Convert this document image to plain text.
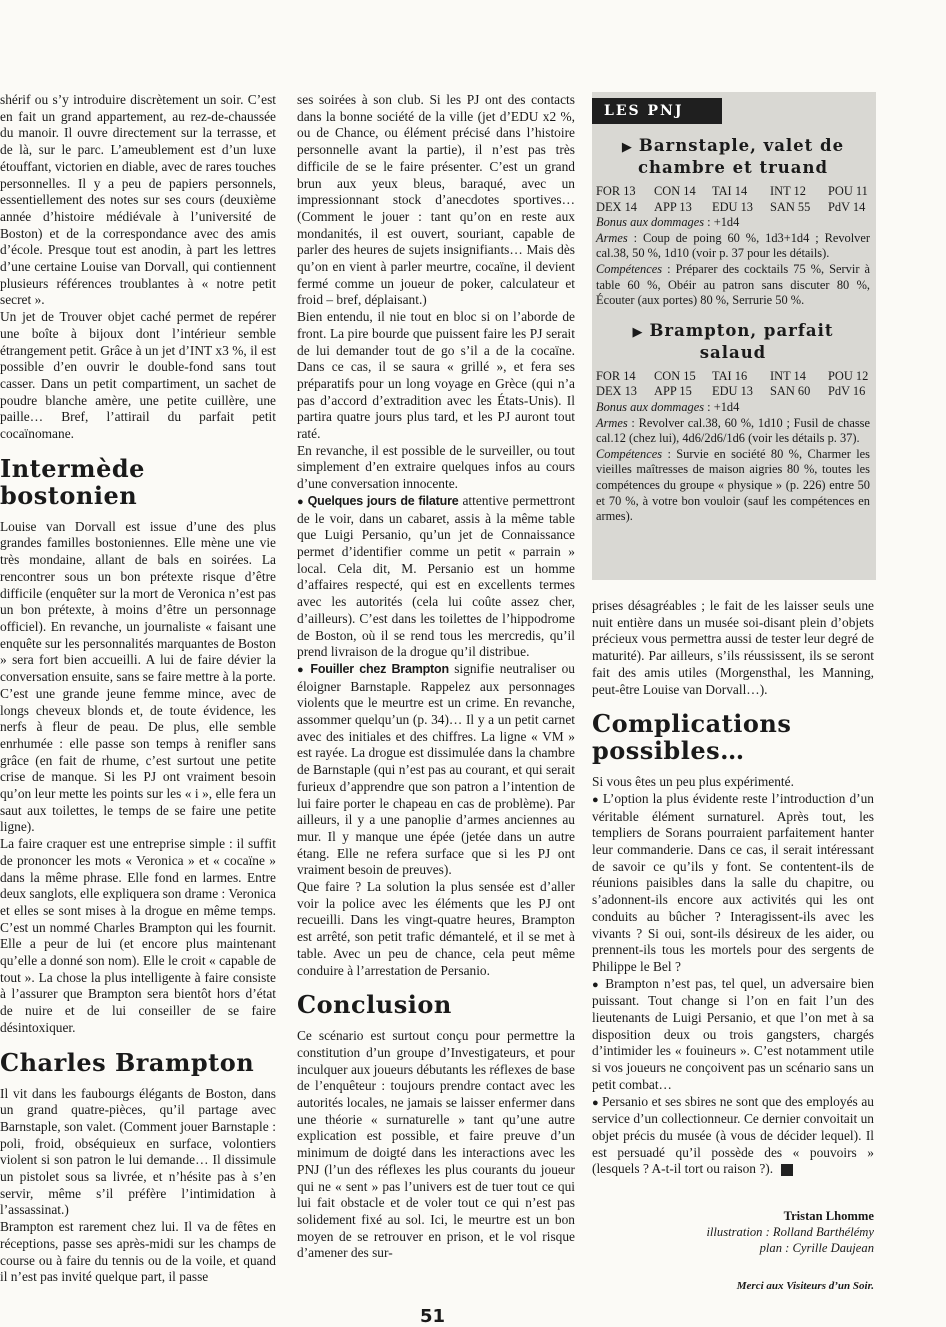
shérif ou s’y introduire discrètement un soir. C’est en fait un grand appartement, au rez-de-chaussée du manoir. Il ouvre directement sur la terrasse, et de là, sur le parc. L’ameublement est d’un luxe étouffant, victorien en diable, avec de rares touches personnelles. Il y a peu de papiers personnels, essentiellement des notes sur ses cours (deuxième année d’histoire médiévale à l’université de Boston) et de la correspondance avec des amis d’école. Presque tout est anodin, à part les lettres d’une certaine Louise van Dorvall, qui contiennent plusieurs références troublantes à « notre petit secret ».

Un jet de Trouver objet caché permet de repérer une boîte à bijoux dont l’intérieur semble étrangement petit. Grâce à un jet d’INT x3 %, il est possible d’en ouvrir le double-fond sans tout casser. Dans un petit compartiment, un sachet de poudre blanche amère, une petite cuillère, une paille… Bref, l’attirail du parfait petit cocaïnomane.

Intermède bostonien

Louise van Dorvall est issue d’une des plus grandes familles bostoniennes. Elle mène une vie très mondaine, allant de bals en soirées. La rencontrer sous un bon prétexte risque d’être difficile (enquêter sur la mort de Veronica n’est pas un bon prétexte, à moins d’être un personnage officiel). En revanche, un journaliste « faisant une enquête sur les personnalités marquantes de Boston » sera fort bien accueilli. A lui de faire dévier la conversation ensuite, sans se faire mettre à la porte.

C’est une grande jeune femme mince, avec de longs cheveux blonds et, de toute évidence, les nerfs à fleur de peau. De plus, elle semble enrhumée : elle passe son temps à renifler sans grâce (en fait de rhume, c’est surtout une petite crise de manque. Si les PJ ont vraiment besoin qu’on leur mette les points sur les « i », elle fera un saut aux toilettes, le temps de se faire une petite ligne).

La faire craquer est une entreprise simple : il suffit de prononcer les mots « Veronica » et « cocaïne » dans la même phrase. Elle fond en larmes. Entre deux sanglots, elle expliquera son drame : Veronica et elles se sont mises à la drogue en même temps. C’est un nommé Charles Brampton qui les fournit. Elle a peur de lui (et encore plus maintenant qu’elle a donné son nom). Elle le croit « capable de tout ». La chose la plus intelligente à faire consiste à l’assurer que Brampton sera bientôt hors d’état de nuire et de lui conseiller de se faire désintoxiquer.

Charles Brampton

Il vit dans les faubourgs élégants de Boston, dans un grand quatre-pièces, qu’il partage avec Barnstaple, son valet. (Comment jouer Barnstaple : poli, froid, obséquieux en surface, volontiers violent si son patron le lui demande… Il dissimule un pistolet sous sa livrée, et n’hésite pas à s’en servir, même s’il préfère l’intimidation à l’assassinat.)

Brampton est rarement chez lui. Il va de fêtes en réceptions, passe ses après-midi sur les champs de course ou à faire du tennis ou de la voile, et quand il n’est pas invité quelque part, il passe

ses soirées à son club. Si les PJ ont des contacts dans la bonne société de la ville (jet d’EDU x2 %, ou de Chance, ou élément précisé dans l’histoire personnelle avant la partie), il n’est pas très difficile de se le faire présenter. C’est un grand brun aux yeux bleus, baraqué, avec un impressionnant stock d’anecdotes sportives… (Comment le jouer : tant qu’on en reste aux mondanités, il est ouvert, souriant, capable de parler des heures de sujets insignifiants… Mais dès qu’on en vient à parler meurtre, cocaïne, il devient fermé comme un joueur de poker, calculateur et froid – bref, déplaisant.)

Bien entendu, il nie tout en bloc si on l’aborde de front. La pire bourde que puissent faire les PJ serait de lui demander tout de go s’il a de la cocaïne. Dans ce cas, il se saura « grillé », et fera ses préparatifs pour un long voyage en Grèce (qui n’a pas d’accord d’extradition avec les États-Unis). Il partira quatre jours plus tard, et les PJ auront tout raté.

En revanche, il est possible de le surveiller, ou tout simplement d’en extraire quelques infos au cours d’une conversation innocente.

● Quelques jours de filature attentive permettront de le voir, dans un cabaret, assis à la même table que Luigi Persanio, qu’un jet de Connaissance permet d’identifier comme un petit « parrain » local. Cela dit, M. Persanio est un homme d’affaires respecté, qui est en excellents termes avec les autorités (cela lui coûte assez cher, d’ailleurs). C’est dans les toilettes de l’hippodrome de Boston, où il se rend tous les mercredis, qu’il prend livraison de la drogue qu’il distribue.

● Fouiller chez Brampton signifie neutraliser ou éloigner Barnstaple. Rappelez aux personnages violents que le meurtre est un crime. En revanche, assommer quelqu’un (p. 34)… Il y a un petit carnet avec des initiales et des chiffres. La ligne « VM » est rayée. La drogue est dissimulée dans la chambre de Barnstaple (qui n’est pas au courant, et qui serait furieux d’apprendre que son patron a l’intention de lui faire porter le chapeau en cas de problème). Par ailleurs, il y a une panoplie d’armes anciennes au mur. Il y manque une épée (jetée dans un autre étang. Elle ne refera surface que si les PJ ont vraiment besoin de preuves).

Que faire ? La solution la plus sensée est d’aller voir la police avec les éléments que les PJ ont recueilli. Dans les vingt-quatre heures, Brampton est arrêté, son petit trafic démantelé, et il se met à table. Avec un peu de chance, cela peut même conduire à l’arrestation de Persanio.

Conclusion

Ce scénario est surtout conçu pour permettre la constitution d’un groupe d’Investigateurs, et pour inculquer aux joueurs débutants les réflexes de base de l’enquêteur : toujours prendre contact avec les autorités locales, ne jamais se laisser enfermer dans une théorie « surnaturelle » tant qu’une autre explication est possible, et faire preuve d’un minimum de doigté dans les interactions avec les PNJ (l’un des réflexes les plus courants du joueur qui ne « sent » pas l’univers est de tuer tout ce qui lui fait obstacle et de voler tout ce qui n’est pas solidement fixé au sol. Ici, le meurtre est un bon moyen de se retrouver en prison, et le vol risque d’amener des sur-

LES PNJ
▶ Barnstaple, valet de chambre et truand
FOR 13	CON 14	TAI 14	INT 12	POU 11
DEX 14	APP 13	EDU 13	SAN 55	PdV 14

Bonus aux dommages : +1d4

Armes : Coup de poing 60 %, 1d3+1d4 ; Revolver cal.38, 50 %, 1d10 (voir p. 37 pour les détails).

Compétences : Préparer des cocktails 75 %, Servir à table 60 %, Obéir au patron sans discuter 80 %, Écouter (aux portes) 80 %, Serrurie 50 %.

▶ Brampton, parfait salaud
FOR 14	CON 15	TAI 16	INT 14	POU 12
DEX 13	APP 15	EDU 13	SAN 60	PdV 16

Bonus aux dommages : +1d4

Armes : Revolver cal.38, 60 %, 1d10 ; Fusil de chasse cal.12 (chez lui), 4d6/2d6/1d6 (voir les détails p. 37).

Compétences : Survie en société 80 %, Charmer les vieilles maîtresses de maison aigries 80 %, toutes les compétences du groupe « physique » (p. 226) entre 50 et 70 %, à votre bon vouloir (sauf les compétences en armes).

prises désagréables ; le fait de les laisser seuls une nuit entière dans un musée soi-disant plein d’objets précieux vous permettra aussi de tester leur degré de maturité). Par ailleurs, s’ils réussissent, ils se seront fait des amis utiles (Morgensthal, les Manning, peut-être Louise van Dorvall…).

Complications possibles…

Si vous êtes un peu plus expérimenté.

● L’option la plus évidente reste l’introduction d’un véritable élément surnaturel. Après tout, les templiers de Sorans pourraient parfaitement hanter leur commanderie. Dans ce cas, il serait intéressant de savoir ce qu’ils y font. Se contentent-ils de réunions paisibles dans la salle du chapitre, ou s’adonnent-ils encore aux activités qui les ont conduits au bûcher ? Interagissent-ils avec les vivants ? Si oui, sont-ils désireux de les aider, ou prennent-ils tous les mortels pour des sergents de Philippe le Bel ?

● Brampton n’est pas, tel quel, un adversaire bien puissant. Tout change si l’on en fait l’un des lieutenants de Luigi Persanio, et que l’on met à sa disposition deux ou trois gangsters, chargés d’intimider les « fouineurs ». C’est notamment utile si vos joueurs ne conçoivent pas un scénario sans un petit combat…

● Persanio et ses sbires ne sont que des employés au service d’un collectionneur. Ce dernier convoitait un objet précis du musée (à vous de décider lequel). Il est persuadé qu’il possède des « pouvoirs » (lesquels ? A-t-il tort ou raison ?).

Tristan Lhomme
illustration : Rolland Barthélémy
plan : Cyrille Daujean
Merci aux Visiteurs d’un Soir.
51
